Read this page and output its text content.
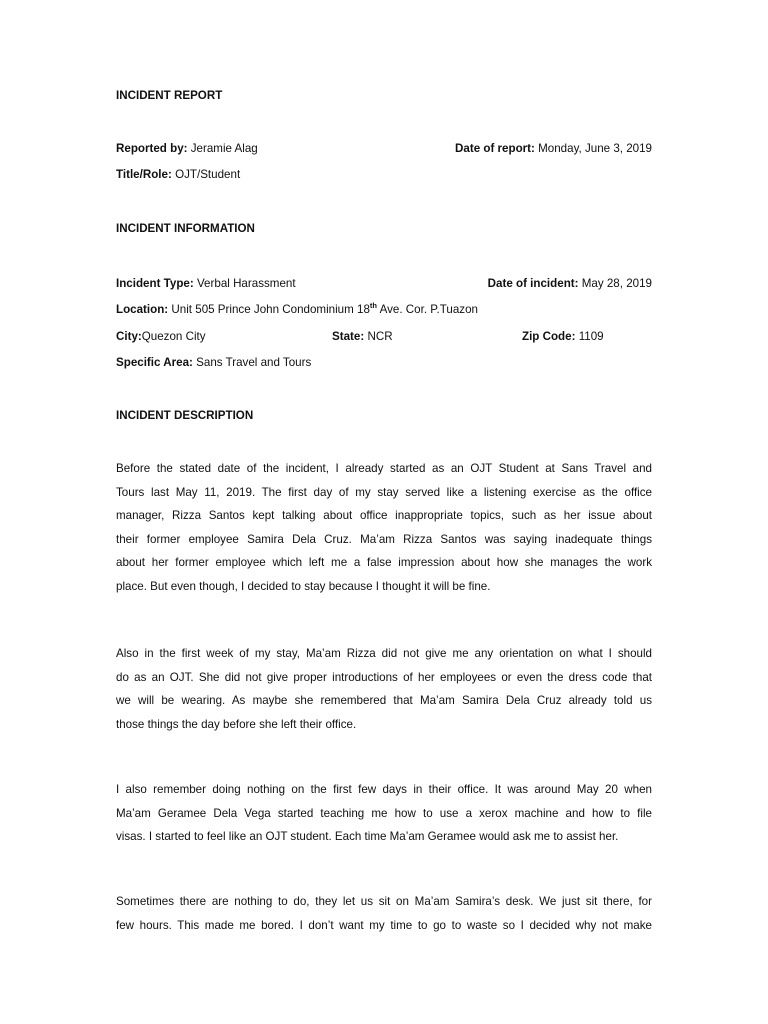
INCIDENT REPORT
Reported by: Jeramie Alag	Date of report: Monday, June 3, 2019
Title/Role: OJT/Student
INCIDENT INFORMATION
Incident Type: Verbal Harassment	Date of incident: May 28, 2019
Location: Unit 505 Prince John Condominium 18th Ave. Cor. P.Tuazon
City:Quezon City	State: NCR	Zip Code: 1109
Specific Area: Sans Travel and Tours
INCIDENT DESCRIPTION
Before the stated date of the incident, I already started as an OJT Student at Sans Travel and
Tours last May 11, 2019. The first day of my stay served like a listening exercise as the office
manager, Rizza Santos kept talking about office inappropriate topics, such as her issue about
their former employee Samira Dela Cruz. Ma’am Rizza Santos was saying inadequate things
about her former employee which left me a false impression about how she manages the work
place. But even though, I decided to stay because I thought it will be fine.
Also in the first week of my stay, Ma’am Rizza did not give me any orientation on what I should
do as an OJT. She did not give proper introductions of her employees or even the dress code that
we will be wearing. As maybe she remembered that Ma’am Samira Dela Cruz already told us
those things the day before she left their office.
I also remember doing nothing on the first few days in their office. It was around May 20 when
Ma’am Geramee Dela Vega started teaching me how to use a xerox machine and how to file
visas. I started to feel like an OJT student. Each time Ma’am Geramee would ask me to assist her.
Sometimes there are nothing to do, they let us sit on Ma’am Samira’s desk. We just sit there, for
few hours. This made me bored. I don’t want my time to go to waste so I decided why not make
